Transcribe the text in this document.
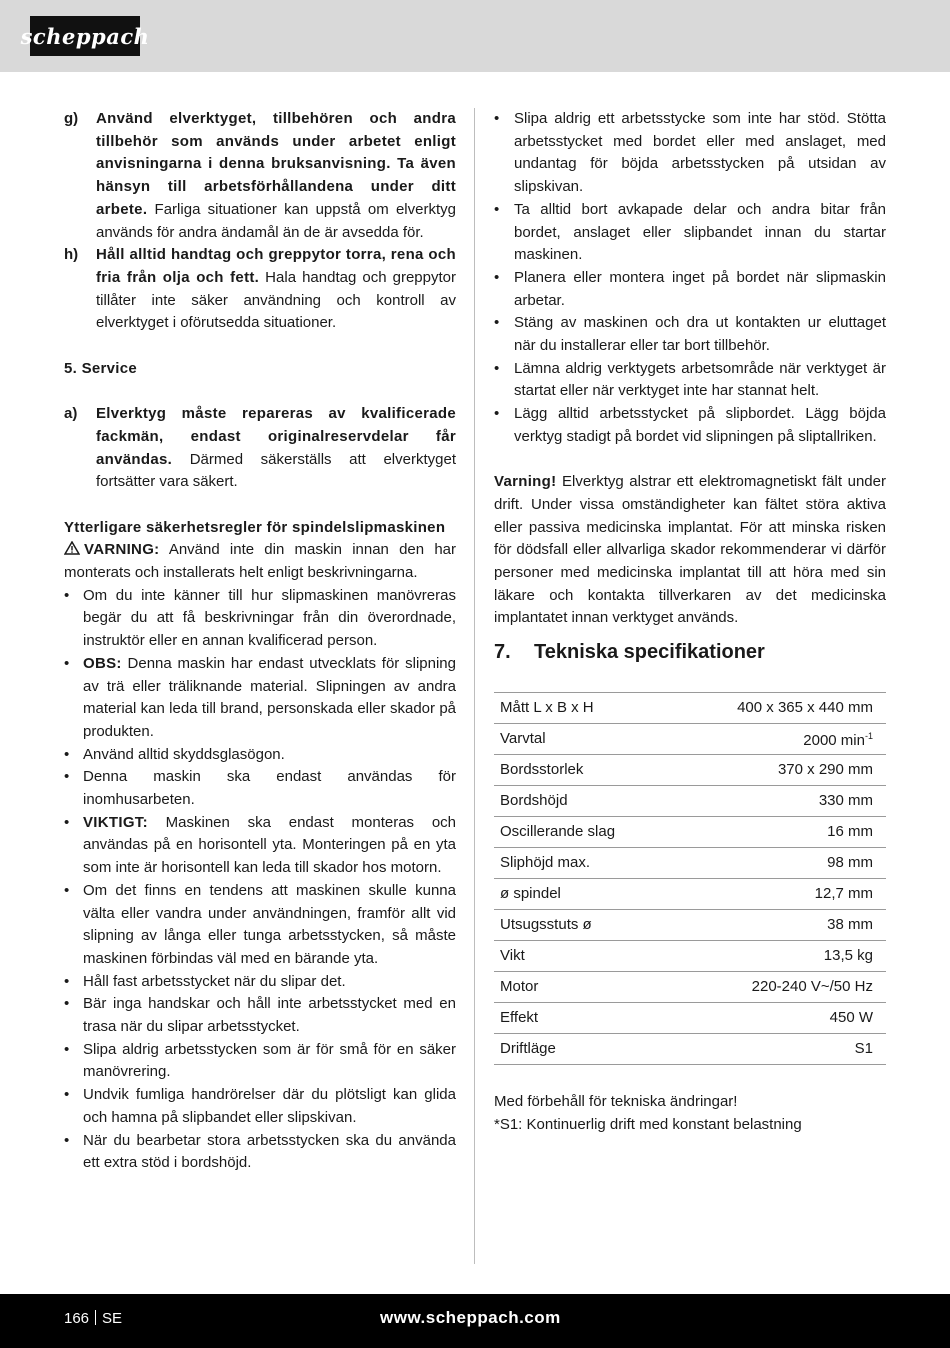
scheppach
g)	Använd elverktyget, tillbehören och andra tillbehör som används under arbetet enligt anvisningarna i denna bruksanvisning. Ta även hänsyn till arbetsförhållandena under ditt arbete. Farliga situationer kan uppstå om elverktyg används för andra ändamål än de är avsedda för.
h)	Håll alltid handtag och greppytor torra, rena och fria från olja och fett. Hala handtag och greppytor tillåter inte säker användning och kontroll av elverktyget i oförutsedda situationer.
5. Service
a)	Elverktyg måste repareras av kvalificerade fackmän, endast originalreservdelar får användas. Därmed säkerställs att elverktyget fortsätter vara säkert.
Ytterligare säkerhetsregler för spindelslipmaskinen
VARNING: Använd inte din maskin innan den har monterats och installerats helt enligt beskrivningarna.
• Om du inte känner till hur slipmaskinen manövreras begär du att få beskrivningar från din överordnade, instruktör eller en annan kvalificerad person.
• OBS: Denna maskin har endast utvecklats för slipning av trä eller träliknande material. Slipningen av andra material kan leda till brand, personskada eller skador på produkten.
• Använd alltid skyddsglasögon.
• Denna maskin ska endast användas för inomhusarbeten.
• VIKTIGT: Maskinen ska endast monteras och användas på en horisontell yta. Monteringen på en yta som inte är horisontell kan leda till skador hos motorn.
• Om det finns en tendens att maskinen skulle kunna välta eller vandra under användningen, framför allt vid slipning av långa eller tunga arbetsstycken, så måste maskinen förbindas väl med en bärande yta.
• Håll fast arbetsstycket när du slipar det.
• Bär inga handskar och håll inte arbetsstycket med en trasa när du slipar arbetsstycket.
• Slipa aldrig arbetsstycken som är för små för en säker manövrering.
• Undvik fumliga handrörelser där du plötsligt kan glida och hamna på slipbandet eller slipskivan.
• När du bearbetar stora arbetsstycken ska du använda ett extra stöd i bordshöjd.
• Slipa aldrig ett arbetsstycke som inte har stöd. Stötta arbetsstycket med bordet eller med anslaget, med undantag för böjda arbetsstycken på utsidan av slipskivan.
• Ta alltid bort avkapade delar och andra bitar från bordet, anslaget eller slipbandet innan du startar maskinen.
• Planera eller montera inget på bordet när slipmaskin arbetar.
• Stäng av maskinen och dra ut kontakten ur eluttaget när du installerar eller tar bort tillbehör.
• Lämna aldrig verktygets arbetsområde när verktyget är startat eller när verktyget inte har stannat helt.
• Lägg alltid arbetsstycket på slipbordet. Lägg böjda verktyg stadigt på bordet vid slipningen på sliptallriken.
Varning! Elverktyg alstrar ett elektromagnetiskt fält under drift. Under vissa omständigheter kan fältet störa aktiva eller passiva medicinska implantat. För att minska risken för dödsfall eller allvarliga skador rekommenderar vi därför personer med medicinska implantat till att höra med sin läkare och kontakta tillverkaren av det medicinska implantatet innan verktyget används.
7.	Tekniska specifikationer
Mått L x B x H	400 x 365 x 440 mm
Varvtal	2000 $\min^{-1}$
Bordsstorlek	370 x 290 mm
Bordshöjd	330 mm
Oscillerande slag	16 mm
Sliphöjd max.	98 mm
ø spindel	12,7 mm
Utsugsstuts ø	38 mm
Vikt	13,5 kg
Motor	220-240 V~/50 Hz
Effekt	450 W
Driftläge	S1
Med förbehåll för tekniska ändringar!
*S1: Kontinuerlig drift med konstant belastning
166 SE	www.scheppach.com
